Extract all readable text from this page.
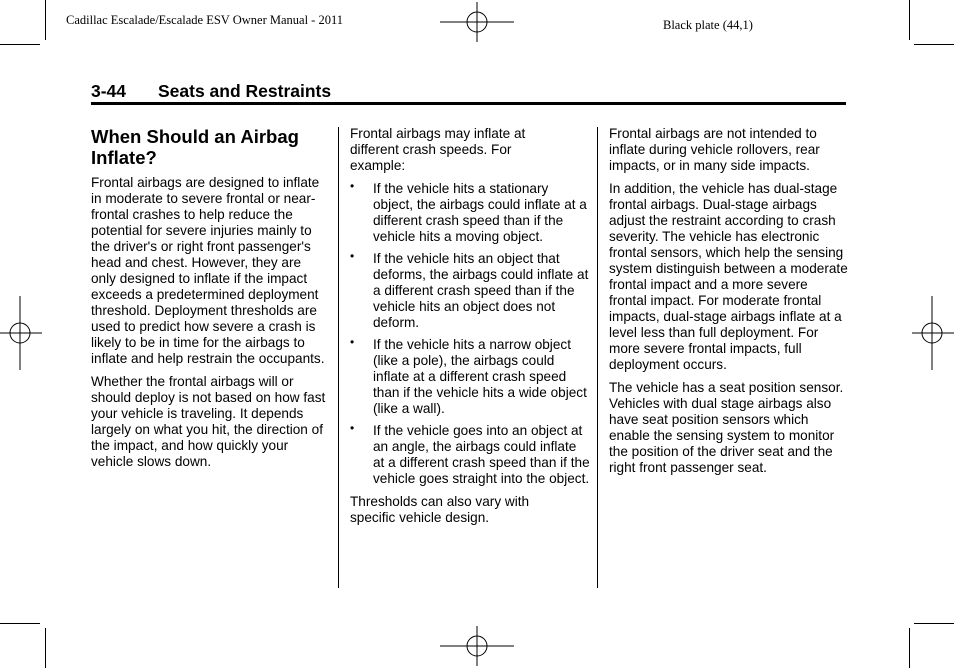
Cadillac Escalade/Escalade ESV Owner Manual - 2011	Black plate (44,1)
3-44 Seats and Restraints
When Should an Airbag Inflate?

Frontal airbags are designed to inflate in moderate to severe frontal or near-frontal crashes to help reduce the potential for severe injuries mainly to the driver's or right front passenger's head and chest. However, they are only designed to inflate if the impact exceeds a predetermined deployment threshold. Deployment thresholds are used to predict how severe a crash is likely to be in time for the airbags to inflate and help restrain the occupants.

Whether the frontal airbags will or should deploy is not based on how fast your vehicle is traveling. It depends largely on what you hit, the direction of the impact, and how quickly your vehicle slows down.

Frontal airbags may inflate at different crash speeds. For example:

• If the vehicle hits a stationary object, the airbags could inflate at a different crash speed than if the vehicle hits a moving object.
• If the vehicle hits an object that deforms, the airbags could inflate at a different crash speed than if the vehicle hits an object does not deform.
• If the vehicle hits a narrow object (like a pole), the airbags could inflate at a different crash speed than if the vehicle hits a wide object (like a wall).
• If the vehicle goes into an object at an angle, the airbags could inflate at a different crash speed than if the vehicle goes straight into the object.

Thresholds can also vary with specific vehicle design.

Frontal airbags are not intended to inflate during vehicle rollovers, rear impacts, or in many side impacts.

In addition, the vehicle has dual-stage frontal airbags. Dual-stage airbags adjust the restraint according to crash severity. The vehicle has electronic frontal sensors, which help the sensing system distinguish between a moderate frontal impact and a more severe frontal impact. For moderate frontal impacts, dual-stage airbags inflate at a level less than full deployment. For more severe frontal impacts, full deployment occurs.

The vehicle has a seat position sensor. Vehicles with dual stage airbags also have seat position sensors which enable the sensing system to monitor the position of the driver seat and the right front passenger seat.
